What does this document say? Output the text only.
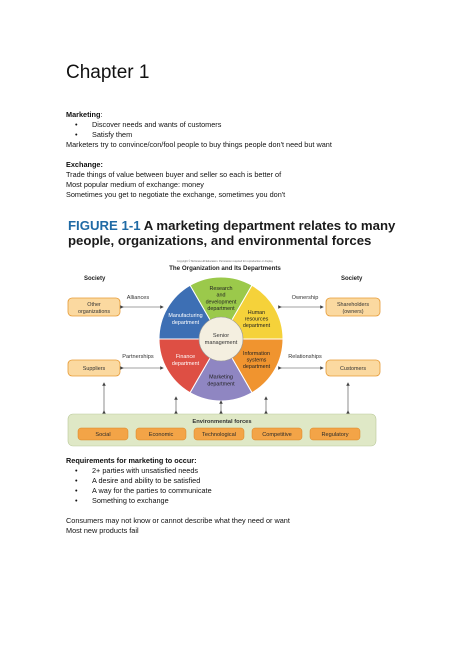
Chapter 1
Marketing:
• Discover needs and wants of customers
• Satisfy them
Marketers try to convince/con/fool people to buy things people don't need but want
Exchange:
Trade things of value between buyer and seller so each is better of
Most popular medium of exchange: money
Sometimes you get to negotiate the exchange, sometimes you don't
FIGURE 1-1 A marketing department relates to many people, organizations, and environmental forces
Copyright © McGraw-Hill Education. Permission required for reproduction or display.
The Organization and Its Departments
Society	Society
Research
and
development
department
Human
resources
department
Information
systems
department
Marketing
department
Finance
department
Manufacturing
department
Senior
management
Other
organizations
Alliances
Suppliers
Partnerships
Shareholders
(owners)
Ownership
Customers
Relationships
Environmental forces
Social	Economic	Technological	Competitive	Regulatory
Requirements for marketing to occur:
• 2+ parties with unsatisfied needs
• A desire and ability to be satisfied
• A way for the parties to communicate
• Something to exchange
Consumers may not know or cannot describe what they need or want
Most new products fail
